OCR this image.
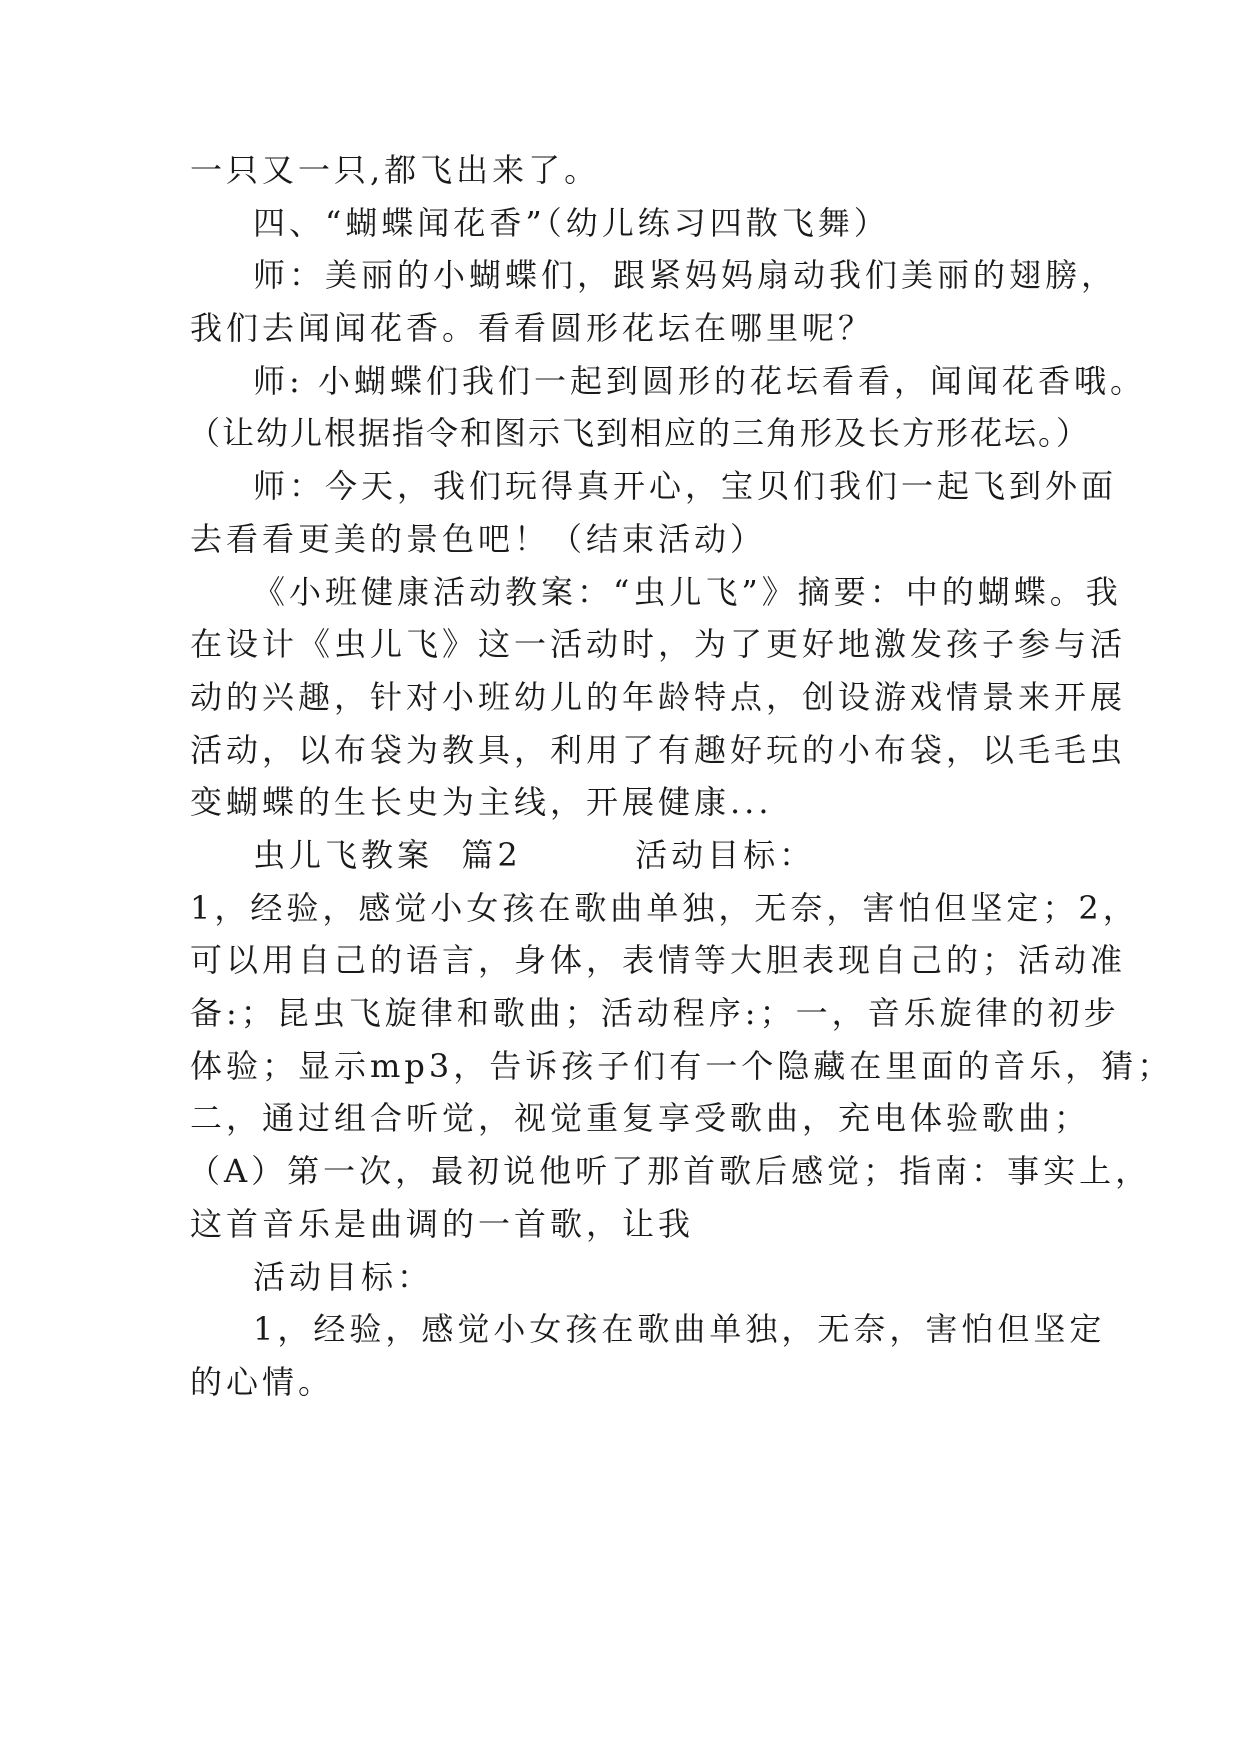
一只又一只,都飞出来了。
四、“蝴蝶闻花香”（幼儿练习四散飞舞）
师：美丽的小蝴蝶们，跟紧妈妈扇动我们美丽的翅膀，
我们去闻闻花香。看看圆形花坛在哪里呢？
师: 小蝴蝶们我们一起到圆形的花坛看看，闻闻花香哦。
（让幼儿根据指令和图示飞到相应的三角形及长方形花坛。）
师：今天，我们玩得真开心，宝贝们我们一起飞到外面
去看看更美的景色吧！（结束活动）
《小班健康活动教案：“虫儿飞”》摘要：中的蝴蝶。我
在设计《虫儿飞》这一活动时，为了更好地激发孩子参与活
动的兴趣，针对小班幼儿的年龄特点，创设游戏情景来开展
活动，以布袋为教具，利用了有趣好玩的小布袋，以毛毛虫
变蝴蝶的生长史为主线，开展健康...
虫儿飞教案  篇2        活动目标：
1，经验，感觉小女孩在歌曲单独，无奈，害怕但坚定；2，
可以用自己的语言，身体，表情等大胆表现自己的；活动准
备:；昆虫飞旋律和歌曲；活动程序:；一，音乐旋律的初步
体验；显示mp3，告诉孩子们有一个隐藏在里面的音乐，猜；
二，通过组合听觉，视觉重复享受歌曲，充电体验歌曲；
（A）第一次，最初说他听了那首歌后感觉；指南：事实上，
这首音乐是曲调的一首歌，让我
活动目标：
1，经验，感觉小女孩在歌曲单独，无奈，害怕但坚定
的心情。
